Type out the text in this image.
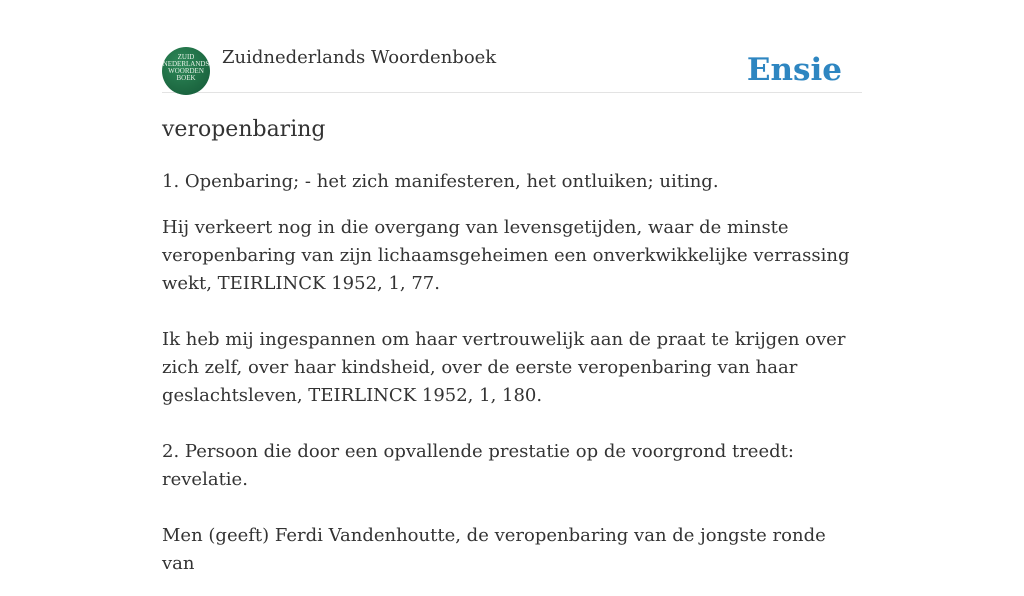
ZUID
NEDERLANDS
WOORDEN
BOEK
Zuidnederlands Woordenboek	Ensie
veropenbaring

1. Openbaring; - het zich manifesteren, het ontluiken; uiting.

Hij verkeert nog in die overgang van levensgetijden, waar de minste veropenbaring van zijn lichaamsgeheimen een onverkwikkelijke verrassing wekt, TEIRLINCK 1952, 1, 77.

Ik heb mij ingespannen om haar vertrouwelijk aan de praat te krijgen over zich zelf, over haar kindsheid, over de eerste veropenbaring van haar geslachtsleven, TEIRLINCK 1952, 1, 180.

2. Persoon die door een opvallende prestatie op de voorgrond treedt: revelatie.

Men (geeft) Ferdi Vandenhoutte, de veropenbaring van de jongste ronde van
